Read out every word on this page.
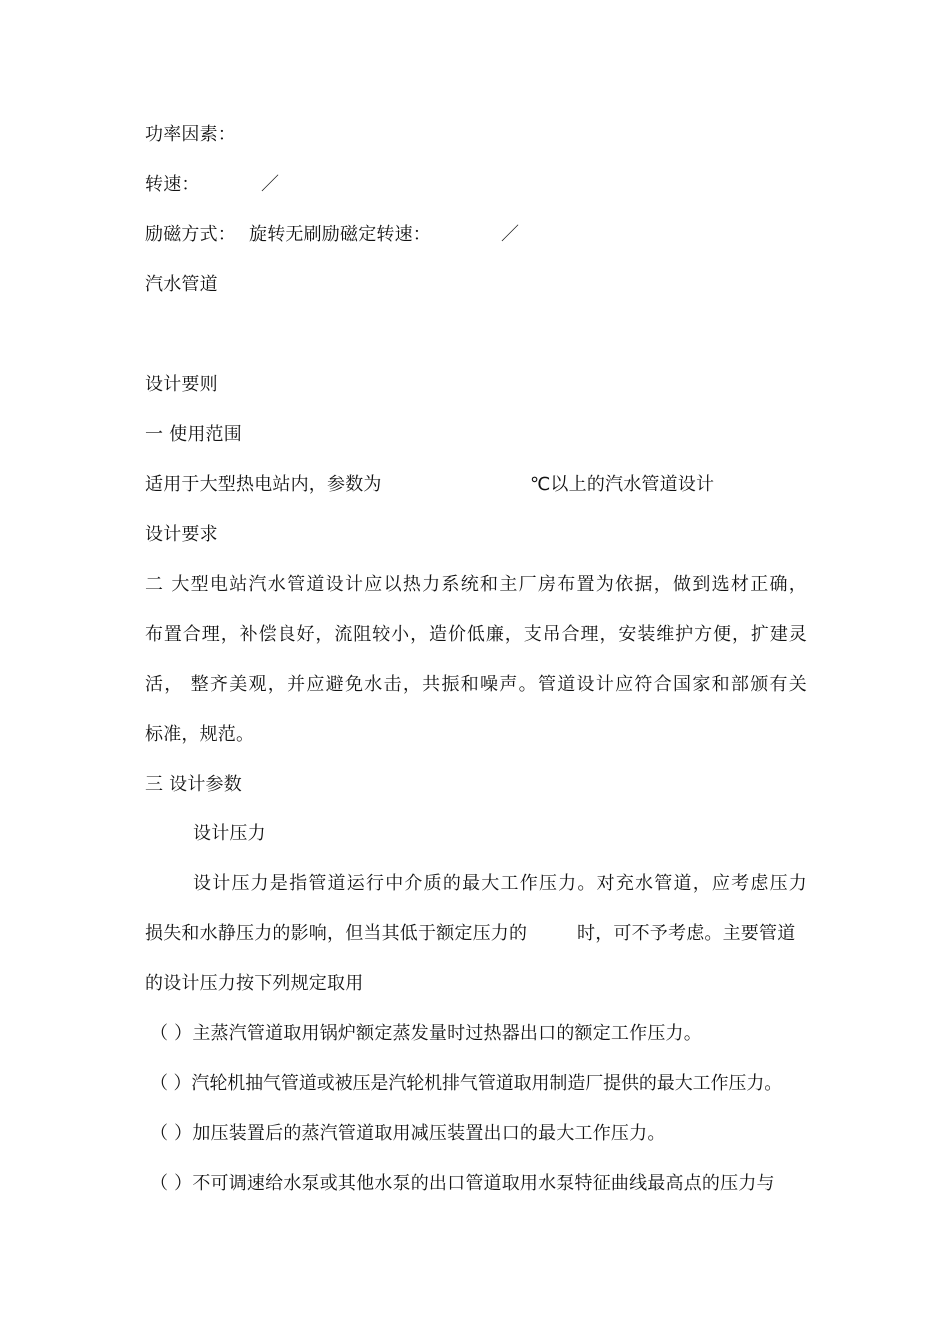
功率因素：
转速：	／
励磁方式： 旋转无刷励磁定转速：	／
汽水管道
设计要则
一 使用范围
适用于大型热电站内，参数为	℃以上的汽水管道设计
设计要求
二 大型电站汽水管道设计应以热力系统和主厂房布置为依据，做到选材正确，
布置合理，补偿良好，流阻较小，造价低廉，支吊合理，安装维护方便，扩建灵
活， 整齐美观，并应避免水击，共振和噪声。管道设计应符合国家和部颁有关
标准，规范。
三 设计参数
设计压力
设计压力是指管道运行中介质的最大工作压力。对充水管道，应考虑压力
损失和水静压力的影响，但当其低于额定压力的	时，可不予考虑。主要管道
的设计压力按下列规定取用
（ ）主蒸汽管道取用锅炉额定蒸发量时过热器出口的额定工作压力。
（ ）汽轮机抽气管道或被压是汽轮机排气管道取用制造厂提供的最大工作压力。
（ ）加压装置后的蒸汽管道取用减压装置出口的最大工作压力。
（ ）不可调速给水泵或其他水泵的出口管道取用水泵特征曲线最高点的压力与
